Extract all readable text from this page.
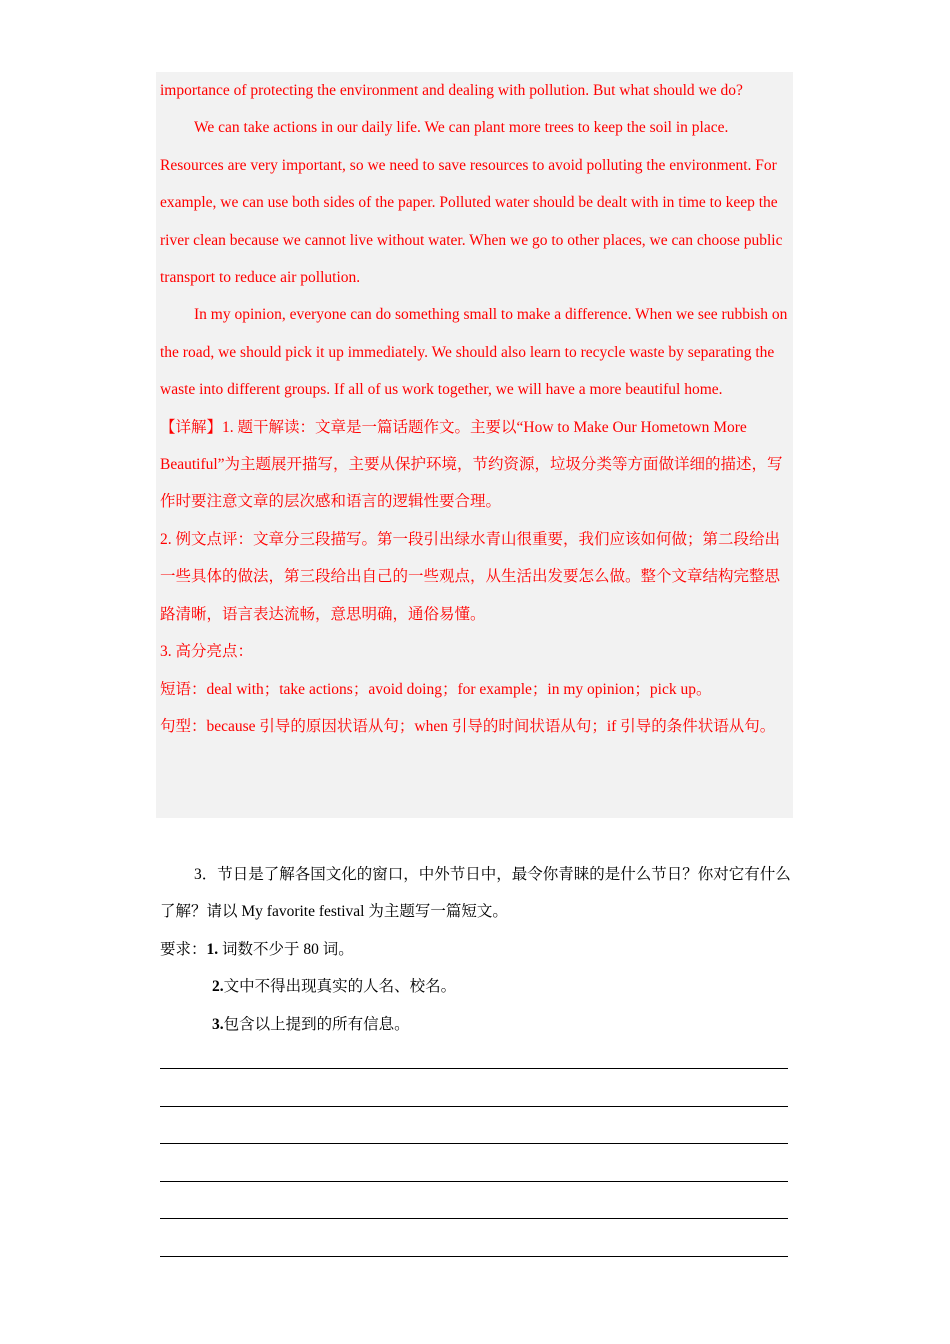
importance of protecting the environment and dealing with pollution. But what should we do?

We can take actions in our daily life. We can plant more trees to keep the soil in place. Resources are very important, so we need to save resources to avoid polluting the environment. For example, we can use both sides of the paper. Polluted water should be dealt with in time to keep the river clean because we cannot live without water. When we go to other places, we can choose public transport to reduce air pollution.

In my opinion, everyone can do something small to make a difference. When we see rubbish on the road, we should pick it up immediately. We should also learn to recycle waste by separating the waste into different groups. If all of us work together, we will have a more beautiful home.

【详解】1. 题干解读：文章是一篇话题作文。主要以“How to Make Our Hometown More Beautiful”为主题展开描写，主要从保护环境，节约资源，垃圾分类等方面做详细的描述，写作时要注意文章的层次感和语言的逻辑性要合理。

2. 例文点评：文章分三段描写。第一段引出绿水青山很重要，我们应该如何做；第二段给出一些具体的做法，第三段给出自己的一些观点，从生活出发要怎么做。整个文章结构完整思路清晰，语言表达流畅，意思明确，通俗易懂。

3. 高分亮点：

短语：deal with；take actions；avoid doing；for example；in my opinion；pick up。

句型：because 引导的原因状语从句；when 引导的时间状语从句；if 引导的条件状语从句。

3．节日是了解各国文化的窗口，中外节日中，最令你青睐的是什么节日？你对它有什么了解？请以 My favorite festival 为主题写一篇短文。

要求：1. 词数不少于 80 词。

2.文中不得出现真实的人名、校名。

3.包含以上提到的所有信息。
